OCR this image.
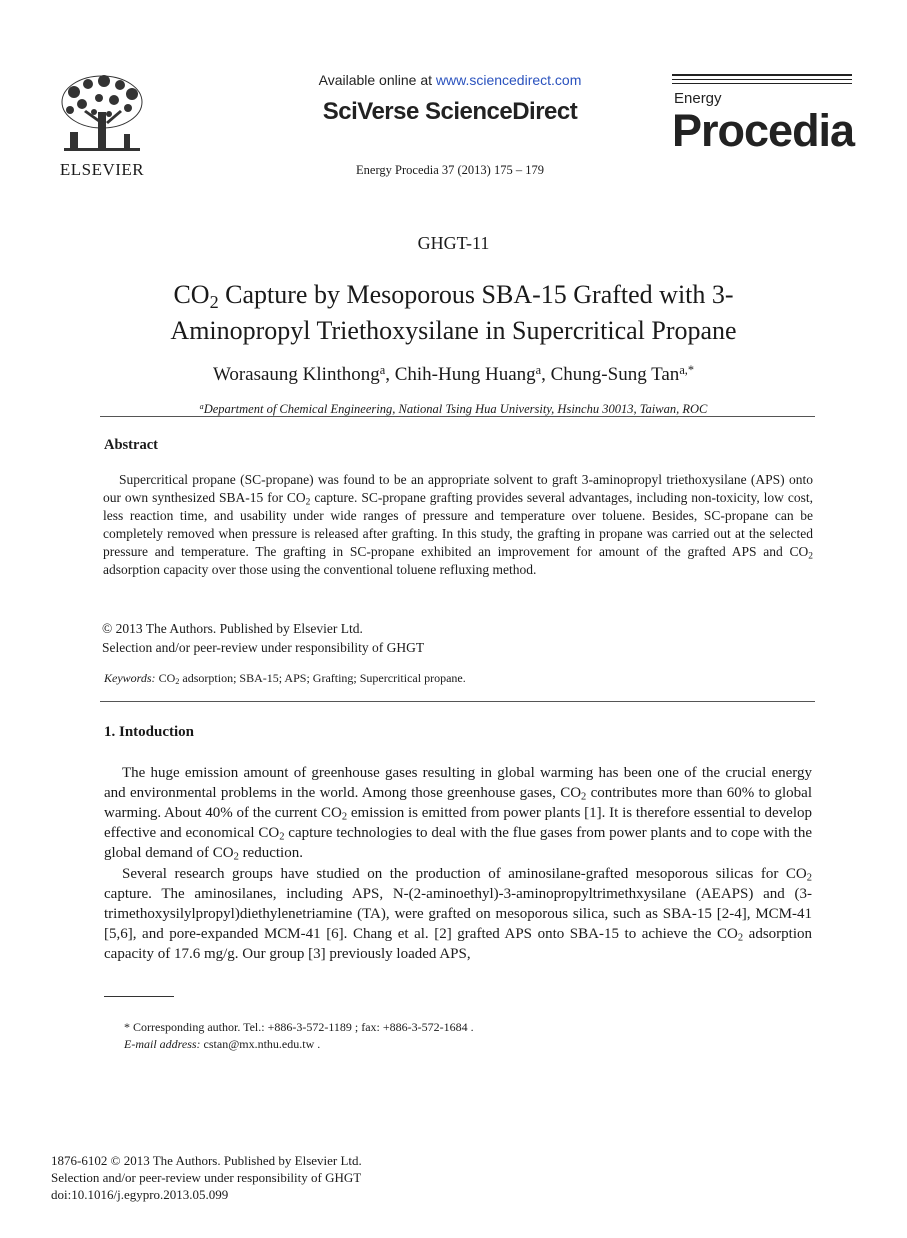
ELSEVIER
Available online at www.sciencedirect.com
SciVerse ScienceDirect
Energy Procedia 37 (2013) 175 – 179
Energy
Procedia
GHGT-11
CO2 Capture by Mesoporous SBA-15 Grafted with 3-
Aminopropyl Triethoxysilane in Supercritical Propane
Worasaung Klinthong$^a$, Chih-Hung Huang$^a$, Chung-Sung Tan$^{a,*}$
$^a$Department of Chemical Engineering, National Tsing Hua University, Hsinchu 30013, Taiwan, ROC
Abstract
Supercritical propane (SC-propane) was found to be an appropriate solvent to graft 3-aminopropyl triethoxysilane (APS) onto our own synthesized SBA-15 for $CO_2$ capture. SC-propane grafting provides several advantages, including non-toxicity, low cost, less reaction time, and usability under wide ranges of pressure and temperature over toluene. Besides, SC-propane can be completely removed when pressure is released after grafting. In this study, the grafting in propane was carried out at the selected pressure and temperature. The grafting in SC-propane exhibited an improvement for amount of the grafted APS and $CO_2$ adsorption capacity over those using the conventional toluene refluxing method.
© 2013 The Authors. Published by Elsevier Ltd.
Selection and/or peer-review under responsibility of GHGT
Keywords: $CO_2$ adsorption; SBA-15; APS; Grafting; Supercritical propane.
1. Intoduction
The huge emission amount of greenhouse gases resulting in global warming has been one of the crucial energy and environmental problems in the world. Among those greenhouse gases, $CO_2$ contributes more than 60% to global warming. About 40% of the current $CO_2$ emission is emitted from power plants [1]. It is therefore essential to develop effective and economical $CO_2$ capture technologies to deal with the flue gases from power plants and to cope with the global demand of $CO_2$ reduction.
Several research groups have studied on the production of aminosilane-grafted mesoporous silicas for $CO_2$ capture. The aminosilanes, including APS, N-(2-aminoethyl)-3-aminopropyltrimethxysilane (AEAPS) and (3-trimethoxysilylpropyl)diethylenetriamine (TA), were grafted on mesoporous silica, such as SBA-15 [2-4], MCM-41 [5,6], and pore-expanded MCM-41 [6]. Chang et al. [2] grafted APS onto SBA-15 to achieve the $CO_2$ adsorption capacity of 17.6 mg/g. Our group [3] previously loaded APS,
* Corresponding author. Tel.: +886-3-572-1189 ; fax: +886-3-572-1684 .
E-mail address: cstan@mx.nthu.edu.tw .
1876-6102 © 2013 The Authors. Published by Elsevier Ltd.
Selection and/or peer-review under responsibility of GHGT
doi:10.1016/j.egypro.2013.05.099
